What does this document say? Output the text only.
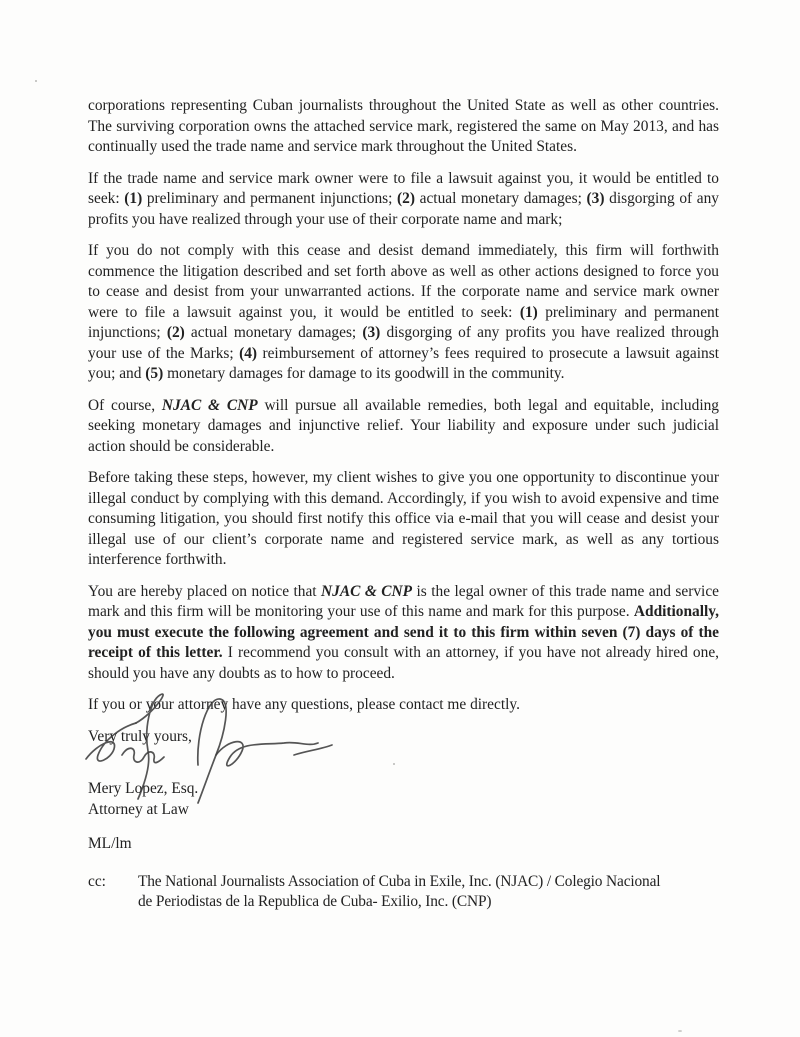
corporations representing Cuban journalists throughout the United State as well as other countries. The surviving corporation owns the attached service mark, registered the same on May 2013, and has continually used the trade name and service mark throughout the United States.

If the trade name and service mark owner were to file a lawsuit against you, it would be entitled to seek: (1) preliminary and permanent injunctions; (2) actual monetary damages; (3) disgorging of any profits you have realized through your use of their corporate name and mark;

If you do not comply with this cease and desist demand immediately, this firm will forthwith commence the litigation described and set forth above as well as other actions designed to force you to cease and desist from your unwarranted actions. If the corporate name and service mark owner were to file a lawsuit against you, it would be entitled to seek: (1) preliminary and permanent injunctions; (2) actual monetary damages; (3) disgorging of any profits you have realized through your use of the Marks; (4) reimbursement of attorney’s fees required to prosecute a lawsuit against you; and (5) monetary damages for damage to its goodwill in the community.

Of course, NJAC & CNP will pursue all available remedies, both legal and equitable, including seeking monetary damages and injunctive relief. Your liability and exposure under such judicial action should be considerable.

Before taking these steps, however, my client wishes to give you one opportunity to discontinue your illegal conduct by complying with this demand. Accordingly, if you wish to avoid expensive and time consuming litigation, you should first notify this office via e-mail that you will cease and desist your illegal use of our client’s corporate name and registered service mark, as well as any tortious interference forthwith.

You are hereby placed on notice that NJAC & CNP is the legal owner of this trade name and service mark and this firm will be monitoring your use of this name and mark for this purpose. Additionally, you must execute the following agreement and send it to this firm within seven (7) days of the receipt of this letter. I recommend you consult with an attorney, if you have not already hired one, should you have any doubts as to how to proceed.

If you or your attorney have any questions, please contact me directly.

Very truly yours,

Mery Lopez, Esq.

Attorney at Law

ML/lm

cc:	The National Journalists Association of Cuba in Exile, Inc. (NJAC) / Colegio Nacional

de Periodistas de la Republica de Cuba- Exilio, Inc. (CNP)
